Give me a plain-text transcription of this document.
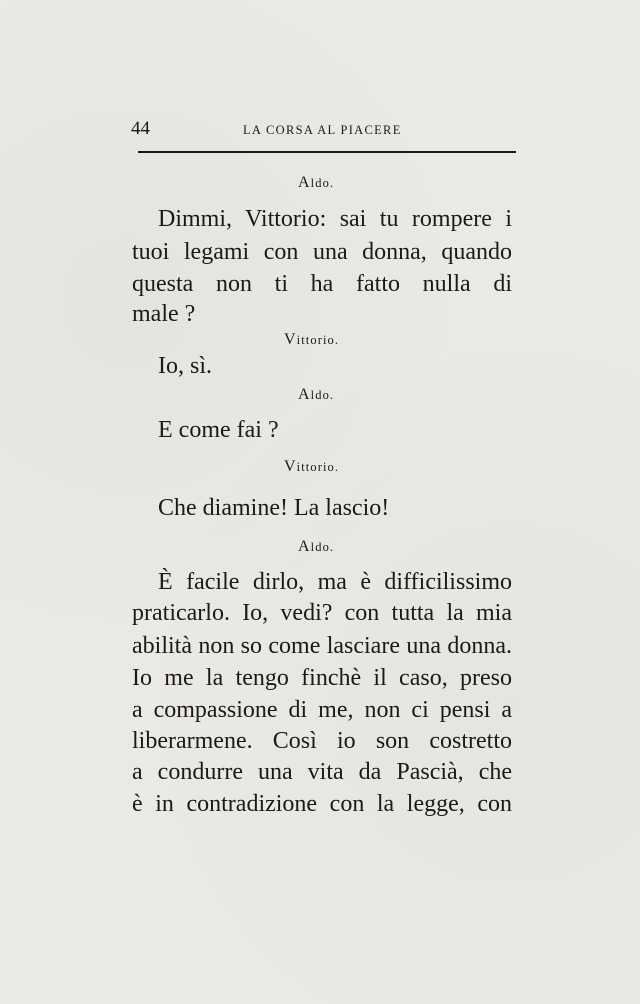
44	LA CORSA AL PIACERE
Aldo.
Dimmi, Vittorio: sai tu rompere i
tuoi legami con una donna, quando
questa non ti ha fatto nulla di
male ?
Vittorio.
Io, sì.
Aldo.
E come fai ?
Vittorio.
Che diamine! La lascio!
Aldo.
È facile dirlo, ma è difficilissimo
praticarlo. Io, vedi? con tutta la mia
abilità non so come lasciare una donna.
Io me la tengo finchè il caso, preso
a compassione di me, non ci pensi a
liberarmene. Così io son costretto
a condurre una vita da Pascià, che
è in contradizione con la legge, con
